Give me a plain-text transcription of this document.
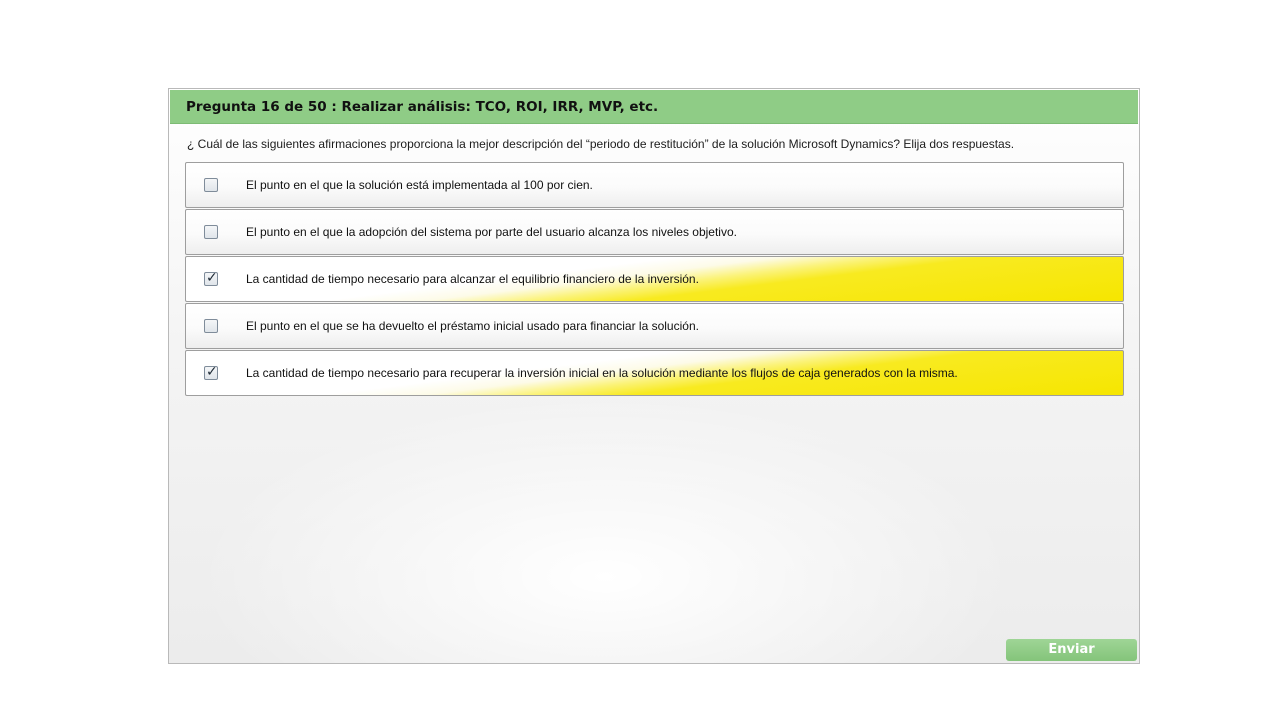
Pregunta 16 de 50 : Realizar análisis: TCO, ROI, IRR, MVP, etc.
¿ Cuál de las siguientes afirmaciones proporciona la mejor descripción del “periodo de restitución” de la solución Microsoft Dynamics? Elija dos respuestas.
El punto en el que la solución está implementada al 100 por cien.
El punto en el que la adopción del sistema por parte del usuario alcanza los niveles objetivo.
✓ La cantidad de tiempo necesario para alcanzar el equilibrio financiero de la inversión.
El punto en el que se ha devuelto el préstamo inicial usado para financiar la solución.
✓ La cantidad de tiempo necesario para recuperar la inversión inicial en la solución mediante los flujos de caja generados con la misma.
Enviar
